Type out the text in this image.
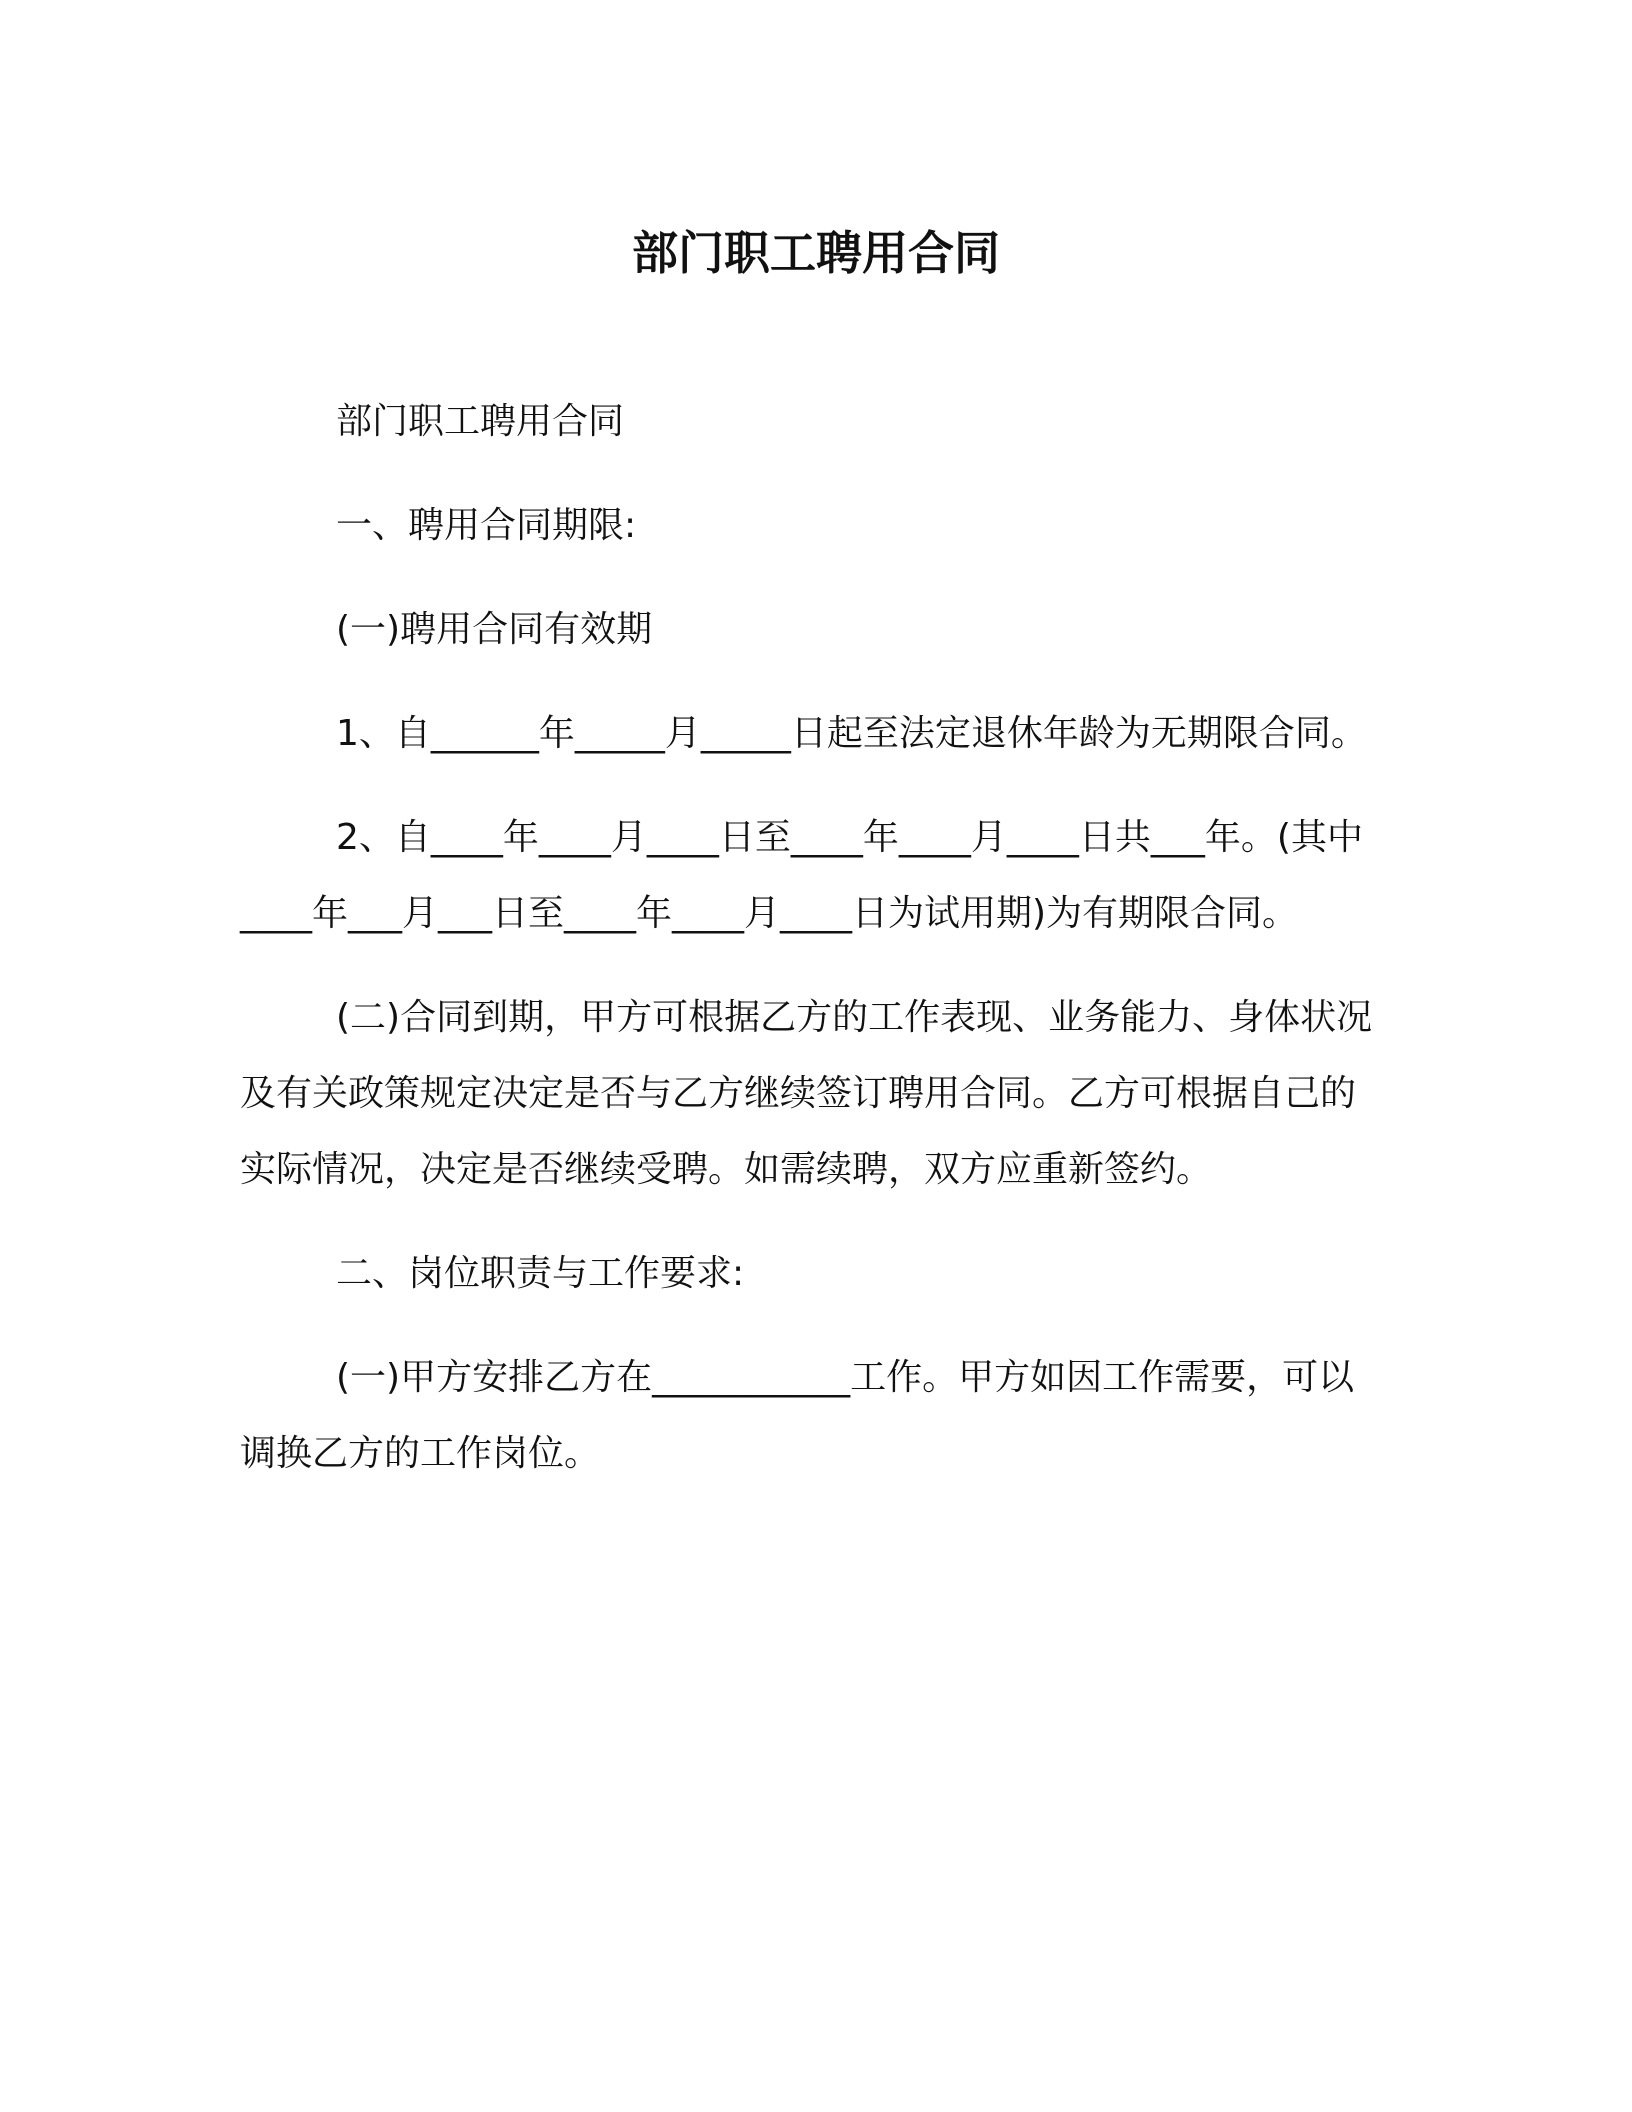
部门职工聘用合同

部门职工聘用合同

一、聘用合同期限:

(一)聘用合同有效期

1、自______年_____月_____日起至法定退休年龄为无期限合同。

2、自____年____月____日至____年____月____日共___年。(其中____年___月___日至____年____月____日为试用期)为有期限合同。

(二)合同到期，甲方可根据乙方的工作表现、业务能力、身体状况及有关政策规定决定是否与乙方继续签订聘用合同。乙方可根据自己的实际情况，决定是否继续受聘。如需续聘，双方应重新签约。

二、岗位职责与工作要求:

(一)甲方安排乙方在___________工作。甲方如因工作需要，可以调换乙方的工作岗位。
